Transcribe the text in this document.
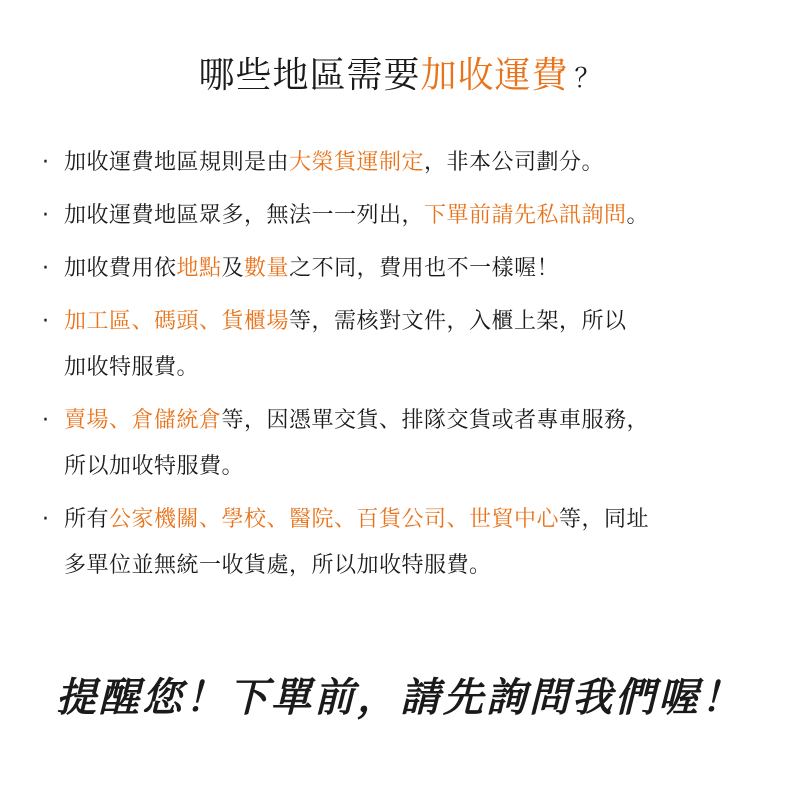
哪些地區需要加收運費 ？
· 加收運費地區規則是由大榮貨運制定，非本公司劃分。
· 加收運費地區眾多，無法一一列出，下單前請先私訊詢問。
· 加收費用依地點及數量之不同，費用也不一樣喔！
· 加工區、碼頭、貨櫃場等，需核對文件，入櫃上架，所以
加收特服費。
· 賣場、倉儲統倉等，因憑單交貨、排隊交貨或者專車服務，
所以加收特服費。
· 所有公家機關、學校、醫院、百貨公司、世貿中心等，同址
多單位並無統一收貨處，所以加收特服費。
提醒您！下單前，請先詢問我們喔！
